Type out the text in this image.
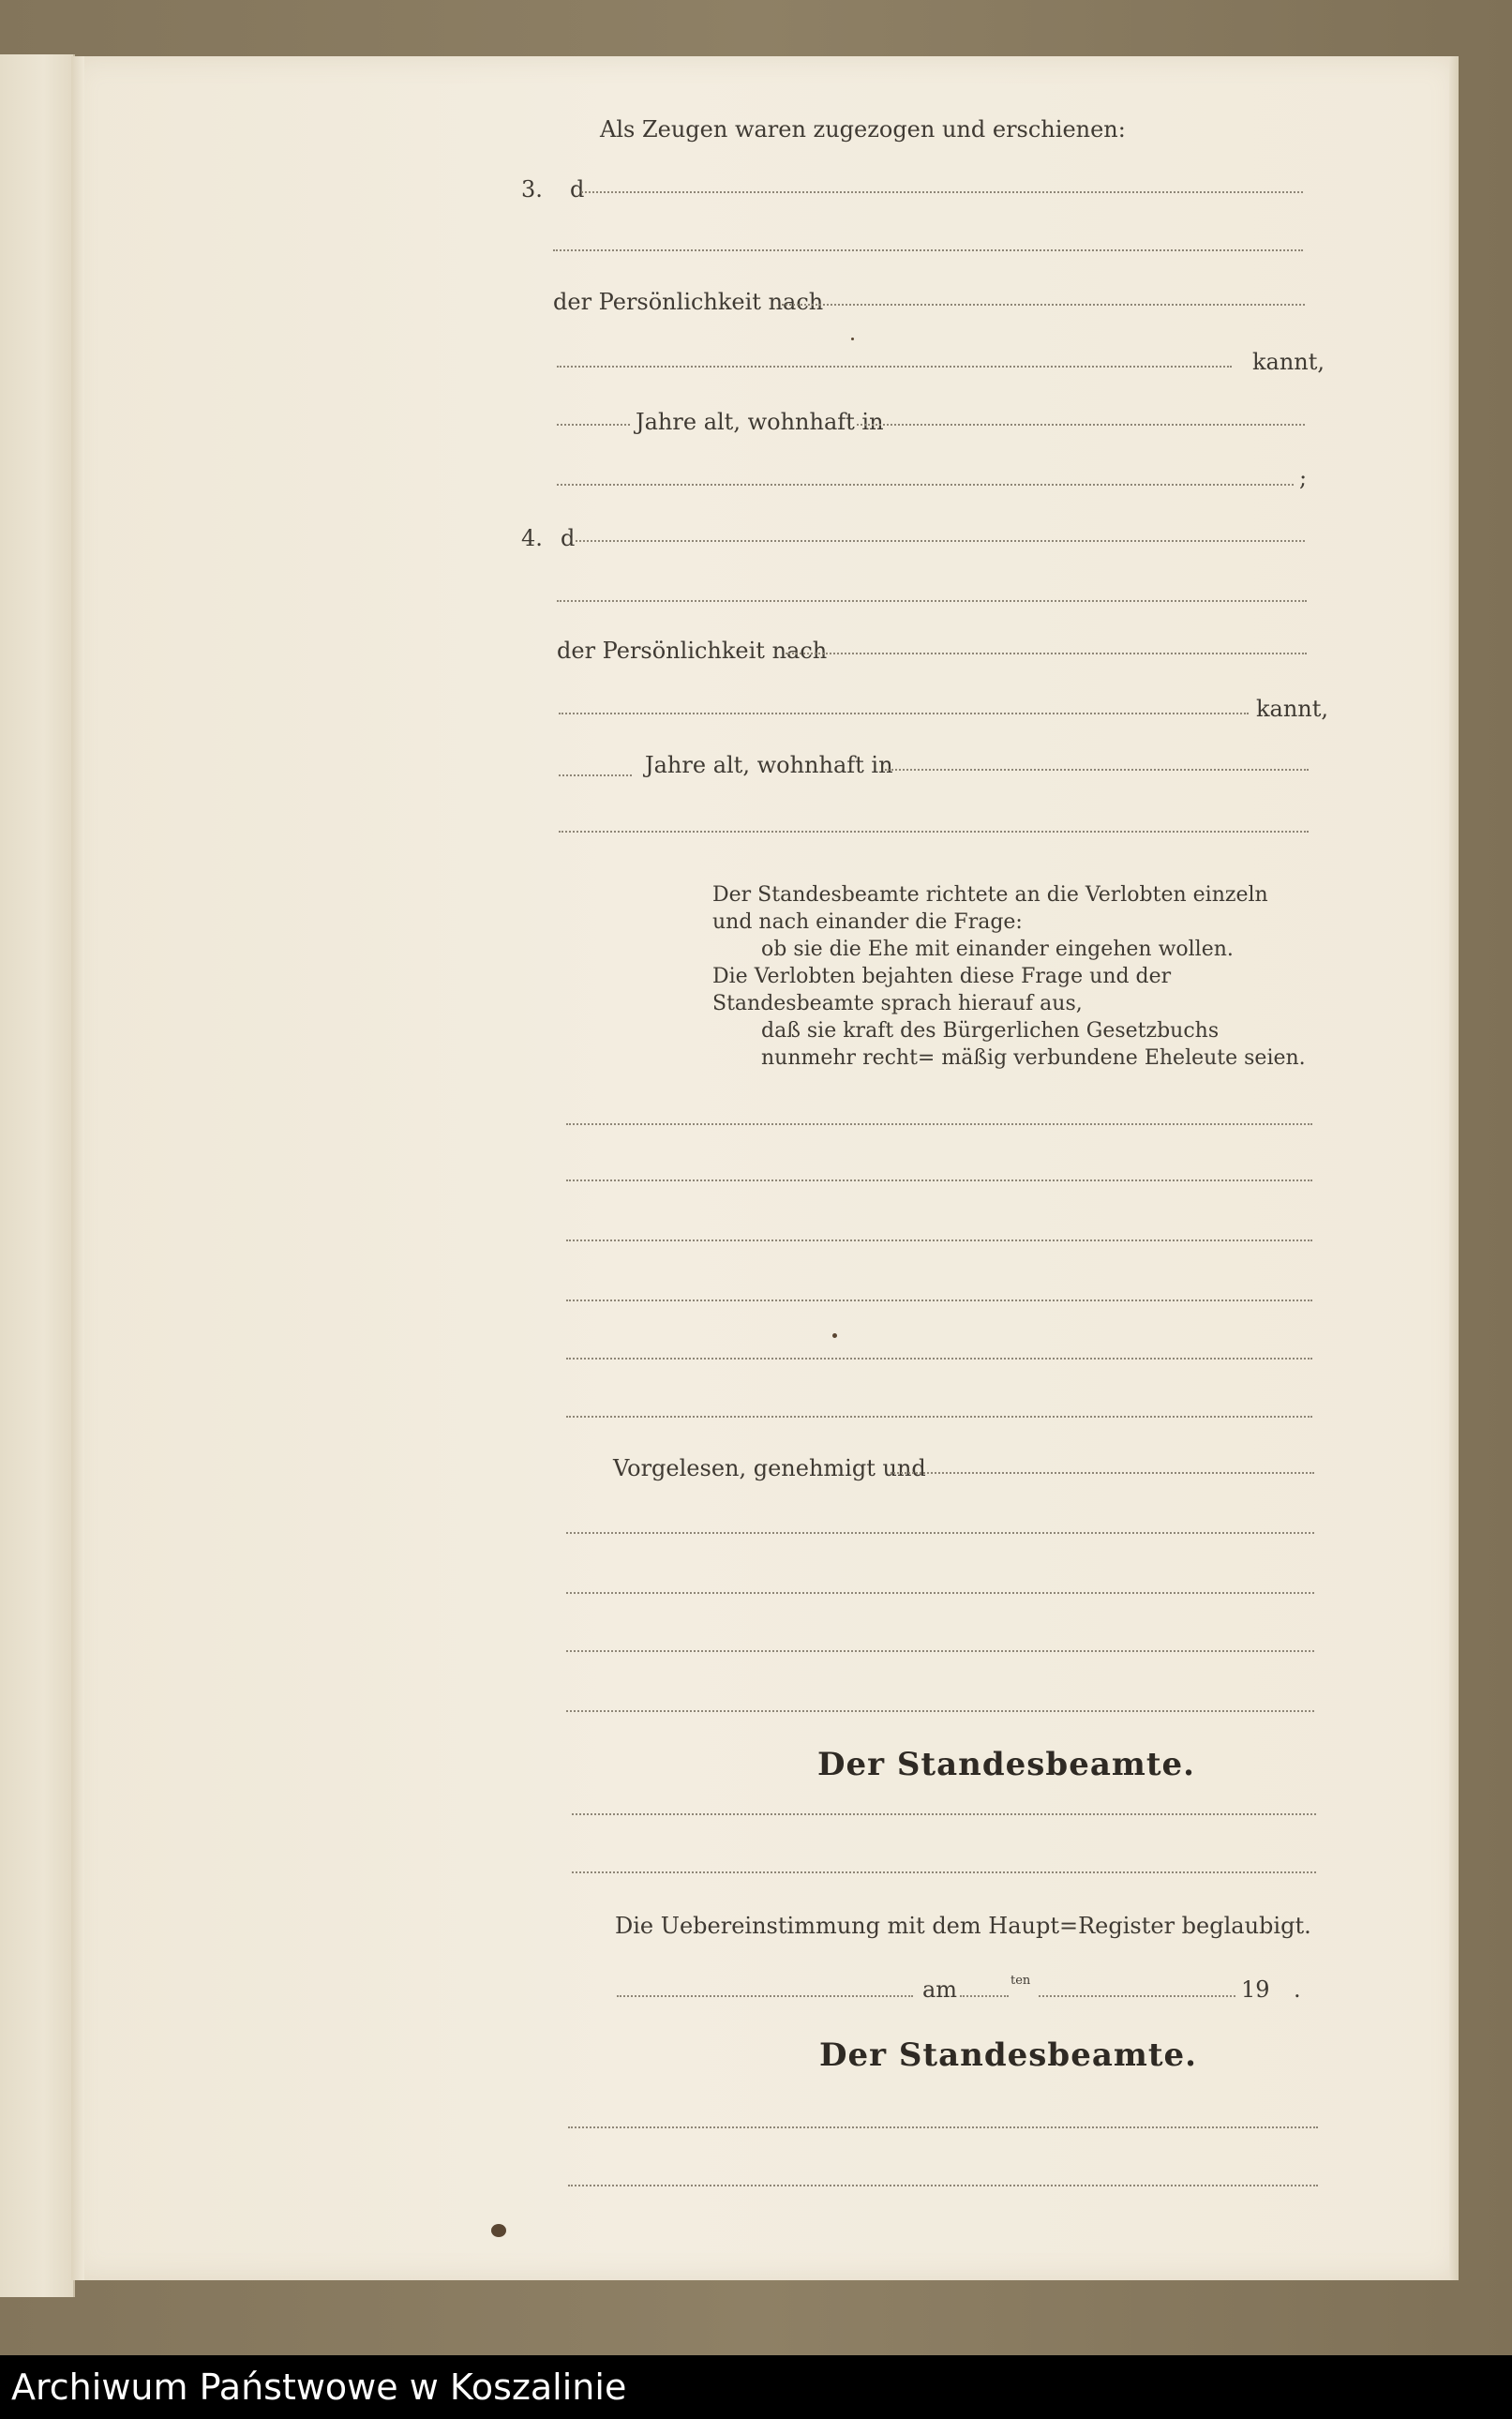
Als Zeugen waren zugezogen und erschienen:
3. d
der Persönlichkeit nach
kannt,
Jahre alt, wohnhaft in
;
4. d
der Persönlichkeit nach
kannt,
Jahre alt, wohnhaft in

Der Standesbeamte richtete an die Verlobten einzeln und nach einander die Frage:

ob sie die Ehe mit einander eingehen wollen.

Die Verlobten bejahten diese Frage und der Standesbeamte sprach hierauf aus,

daß sie kraft des Bürgerlichen Gesetzbuchs nunmehr recht= mäßig verbundene Eheleute seien.

Vorgelesen, genehmigt und
Der Standesbeamte.
Die Uebereinstimmung mit dem Haupt=Register beglaubigt.
am	ten	19 .
Der Standesbeamte.
Archiwum Państwowe w Koszalinie
